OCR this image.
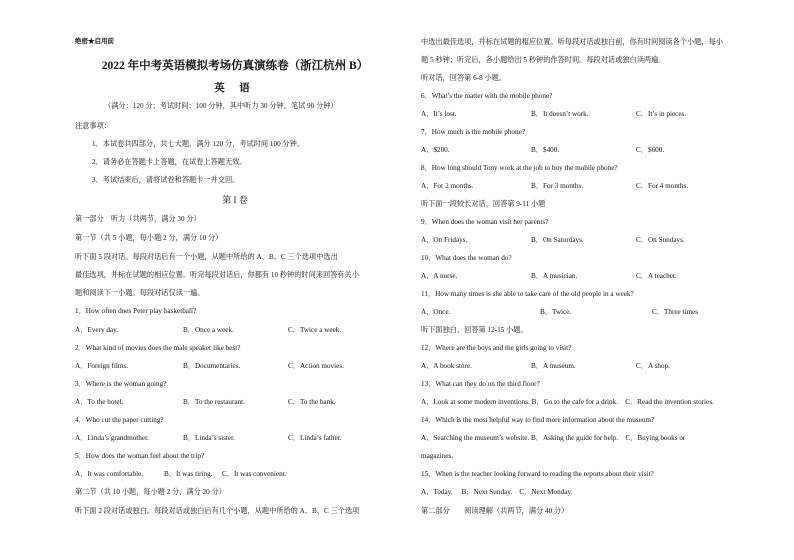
绝密★启用前
2022 年中考英语模拟考场仿真演练卷（浙江杭州 B）
英 语
（满分：120 分；考试时间：100 分钟，其中听力 30 分钟，笔试 90 分钟）
注意事项：
1．本试卷共四部分，共七大题，满分 120 分，考试时间 100 分钟。
2．请务必在答题卡上答题，在试卷上答题无效。
3．考试结束后，请将试卷和答题卡一并交回。
第 I 卷
第一部分　听力（共两节，满分 30 分）
第一节（共 5 小题，每小题 2 分，满分 10 分）
听下面 5 段对话。每段对话后有一个小题，从题中所给的 A、B、C 三个选项中选出
最佳选项，并标在试题的相应位置。听完每段对话后，你都有 10 秒钟的时间来回答有关小
题和阅读下一小题。每段对话仅读一遍。
1．How often does Peter play basketball?
A．Every day.	B．Once a week.	C．Twice a week.
2．What kind of movies does the male speaker like best?
A．Foreign films.	B．Documentaries.	C．Action movies.
3．Where is the woman going?
A．To the hotel.	B．To the restaurant.	C．To the bank.
4．Who cut the paper cutting?
A．Linda’s grandmother.	B．Linda’s sister.	C．Linda’s father.
5．How does the woman feel about the trip?
A．It was comfortable.	B．It was tiring. C．It was convenient.
第二节（共 10 小题，每小题 2 分，满分 20 分）
听下面 2 段对话或独白。每段对话或独白后有几个小题，从题中所给的 A、B、C 三个选项
中选出最佳选项，并标在试题的相应位置。听每段对话或独白前，你有时间阅读各个小题，每小
题 5 秒钟；听完后，各小题给出 5 秒钟的作答时间。每段对话或独白读两遍。
听对话，回答第 6-8 小题。
6．What’s the matter with the mobile phone?
A．It’s lost.	B．It doesn’t work.	C．It’s in pieces.
7．How much is the mobile phone?
A．$200.	B．$400.	C．$600.
8．How long should Tony work at the job to buy the mobile phone?
A．For 2 months.	B．For 3 months.	C．For 4 months.
听下面一段较长对话，回答第 9-11 小题
9．When does the woman visit her parents?
A．On Fridays.	B．On Saturdays.	C．On Sundays.
10．What does the woman do?
A．A nurse.	B．A musician.	C．A teacher.
11．How many times is she able to take care of the old people in a week?
A．Once.	B．Twice.	C．Three times
听下面独白，回答第 12-15 小题。
12．Where are the boys and the girls going to visit?
A．A book store.	B．A museum.	C．A shop.
13．What can they do on the third floor?
A．Look at some modern inventions. B．Go to the cafe for a drink.　C．Read the invention stories.
14．Which is the most helpful way to find more information about the museum?
A．Searching the museum’s website. B．Asking the guide for help.　C．Buying books or
magazines.
15．When is the teacher looking forward to reading the reports about their visit?
A．Today.　 B．Next Sunday.　C．Next Monday.
第二部分　　阅读理解（共两节，满分 40 分）
